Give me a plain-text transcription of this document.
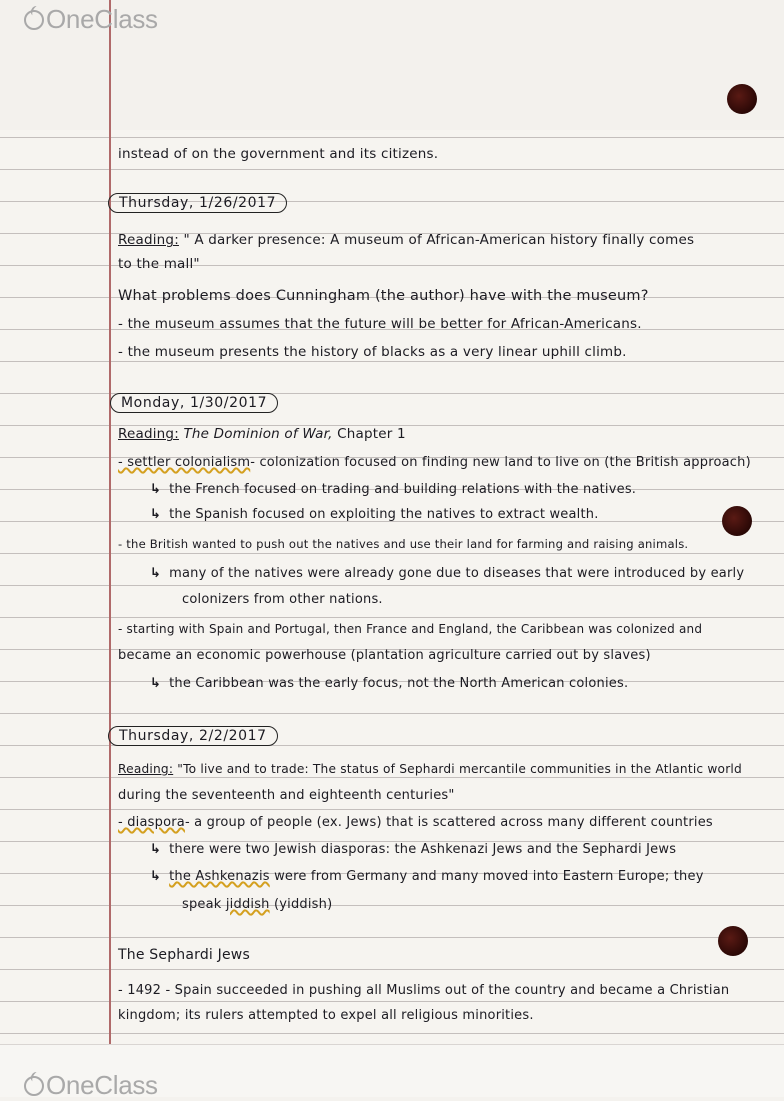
OneClass
OneClass
instead of on the government and its citizens.
Thursday, 1/26/2017
Reading: " A darker presence: A museum of African-American history finally comes
to the mall"
What problems does Cunningham (the author) have with the museum?
- the museum assumes that the future will be better for African-Americans.
- the museum presents the history of blacks as a very linear uphill climb.
Monday, 1/30/2017
Reading: The Dominion of War, Chapter 1
- settler colonialism- colonization focused on finding new land to live on (the British approach)
↳ the French focused on trading and building relations with the natives.
↳ the Spanish focused on exploiting the natives to extract wealth.
- the British wanted to push out the natives and use their land for farming and raising animals.
↳ many of the natives were already gone due to diseases that were introduced by early
colonizers from other nations.
- starting with Spain and Portugal, then France and England, the Caribbean was colonized and
became an economic powerhouse (plantation agriculture carried out by slaves)
↳ the Caribbean was the early focus, not the North American colonies.
Thursday, 2/2/2017
Reading: "To live and to trade: The status of Sephardi mercantile communities in the Atlantic world
during the seventeenth and eighteenth centuries"
- diaspora- a group of people (ex. Jews) that is scattered across many different countries
↳ there were two Jewish diasporas: the Ashkenazi Jews and the Sephardi Jews
↳ the Ashkenazis were from Germany and many moved into Eastern Europe; they
speak jiddish (yiddish)
The Sephardi Jews
- 1492 - Spain succeeded in pushing all Muslims out of the country and became a Christian
kingdom; its rulers attempted to expel all religious minorities.
